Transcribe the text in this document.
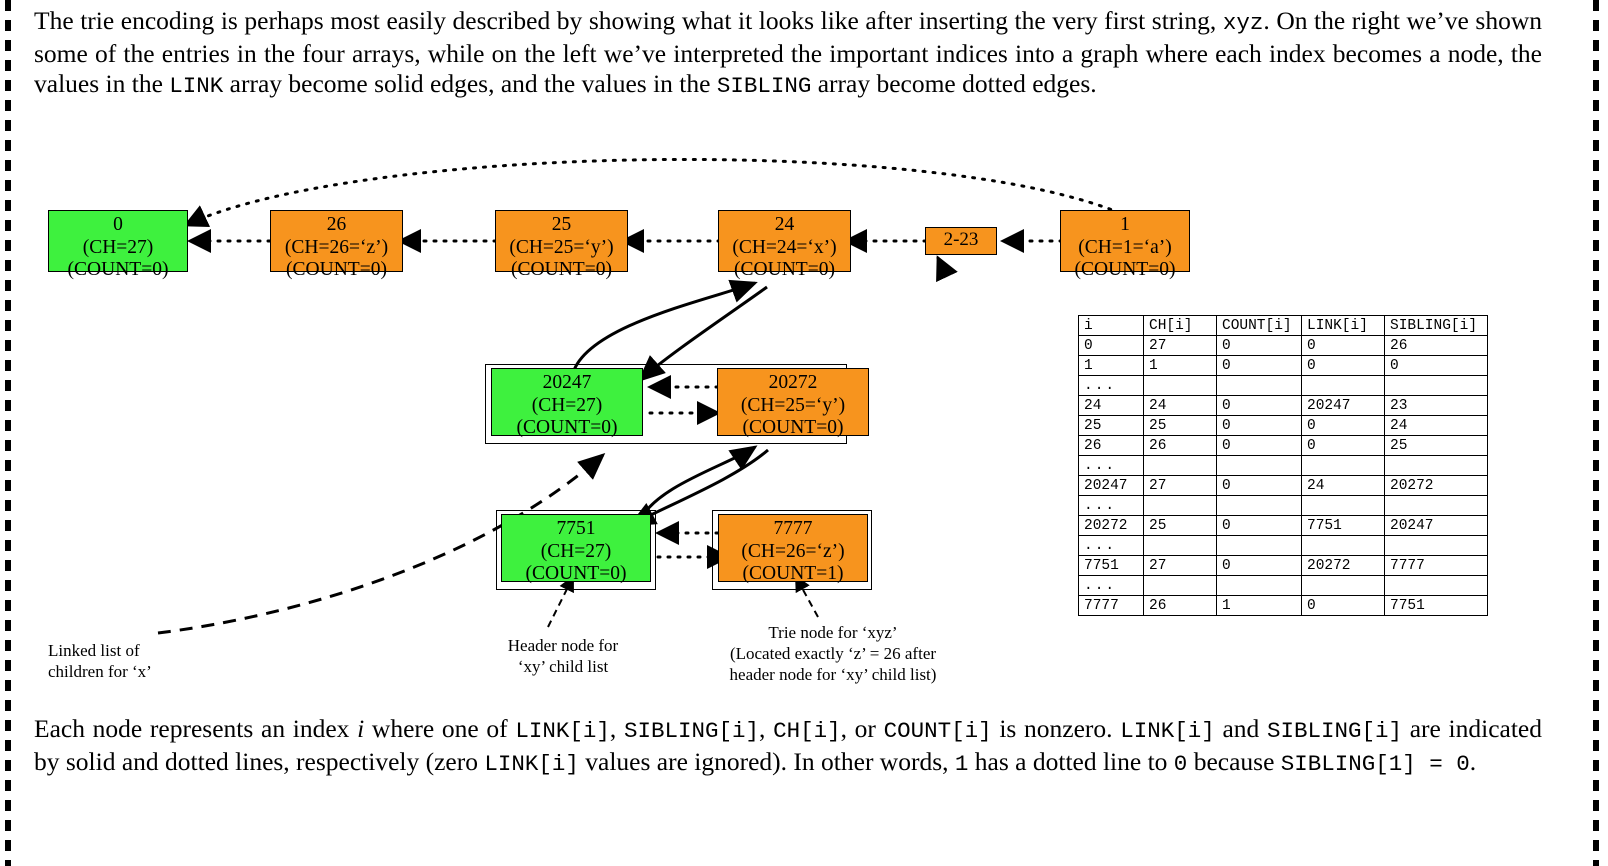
The trie encoding is perhaps most easily described by showing what it looks like after inserting the very first string, xyz. On the right we’ve shown some of the entries in the four arrays, while on the left we’ve interpreted the important indices into a graph where each index becomes a node, the values in the LINK array become solid edges, and the values in the SIBLING array become dotted edges.
0
(CH=27)
(COUNT=0)
26
(CH=26=‘z’)
(COUNT=0)
25
(CH=25=‘y’)
(COUNT=0)
24
(CH=24=‘x’)
(COUNT=0)
2-23
1
(CH=1=‘a’)
(COUNT=0)
20247
(CH=27)
(COUNT=0)
20272
(CH=25=‘y’)
(COUNT=0)
7751
(CH=27)
(COUNT=0)
7777
(CH=26=‘z’)
(COUNT=1)
Linked list of
children for ‘x’
Header node for
‘xy’ child list
Trie node for ‘xyz’
(Located exactly ‘z’ = 26 after
header node for ‘xy’ child list)
i	CH[i]	COUNT[i]	LINK[i]	SIBLING[i]
0	27	0	0	26
1	1	0	0	0
...				
24	24	0	20247	23
25	25	0	0	24
26	26	0	0	25
...				
20247	27	0	24	20272
...				
20272	25	0	7751	20247
...				
7751	27	0	20272	7777
...				
7777	26	1	0	7751
Each node represents an index i where one of LINK[i], SIBLING[i], CH[i], or COUNT[i] is nonzero. LINK[i] and SIBLING[i] are indicated by solid and dotted lines, respectively (zero LINK[i] values are ignored). In other words, 1 has a dotted line to 0 because SIBLING[1] = 0.
